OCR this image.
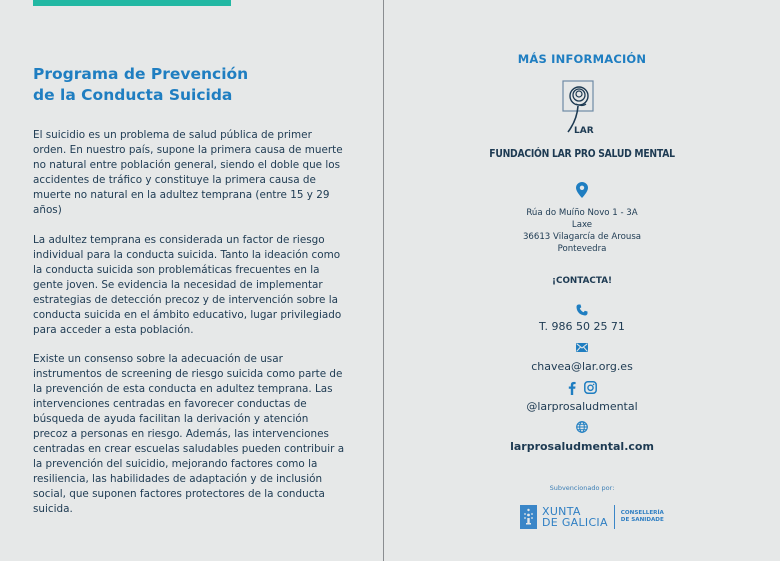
Programa de Prevención
de la Conducta Suicida

El suicidio es un problema de salud pública de primer orden. En nuestro país, supone la primera causa de muerte no natural entre población general, siendo el doble que los accidentes de tráfico y constituye la primera causa de muerte no natural en la adultez temprana (entre 15 y 29 años)

La adultez temprana es considerada un factor de riesgo individual para la conducta suicida. Tanto la ideación como la conducta suicida son problemáticas frecuentes en la gente joven. Se evidencia la necesidad de implementar estrategias de detección precoz y de intervención sobre la conducta suicida en el ámbito educativo, lugar privilegiado para acceder a esta población.

Existe un consenso sobre la adecuación de usar instrumentos de screening de riesgo suicida como parte de la prevención de esta conducta en adultez temprana. Las intervenciones centradas en favorecer conductas de búsqueda de ayuda facilitan la derivación y atención precoz a personas en riesgo. Además, las intervenciones centradas en crear escuelas saludables pueden contribuir a la prevención del suicidio, mejorando factores como la resiliencia, las habilidades de adaptación y de inclusión social, que suponen factores protectores de la conducta suicida.

MÁS INFORMACIÓN
LAR
FUNDACIÓN LAR PRO SALUD MENTAL
Rúa do Muíño Novo 1 - 3A
Laxe
36613 Vilagarcía de Arousa
Pontevedra
¡CONTACTA!
T. 986 50 25 71
chavea@lar.org.es
@larprosaludmental
larprosaludmental.com
Subvencionado por:
XUNTA
DE GALICIA
CONSELLERÍA
DE SANIDADE
